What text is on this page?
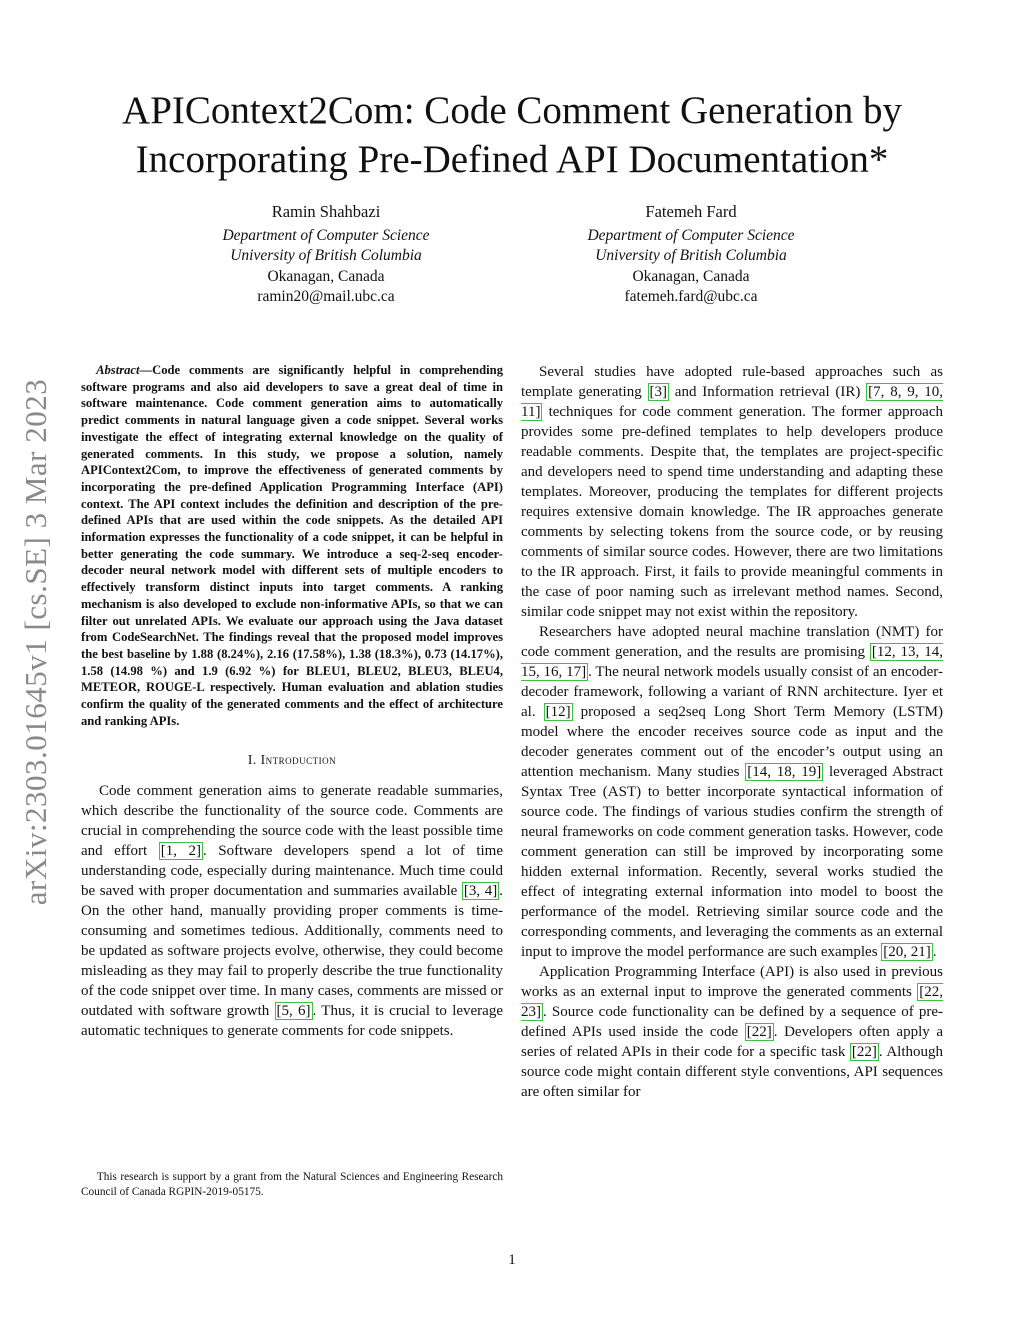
APIContext2Com: Code Comment Generation by
Incorporating Pre-Defined API Documentation*
Ramin Shahbazi
Department of Computer Science
University of British Columbia
Okanagan, Canada
ramin20@mail.ubc.ca
Fatemeh Fard
Department of Computer Science
University of British Columbia
Okanagan, Canada
fatemeh.fard@ubc.ca
arXiv:2303.01645v1 [cs.SE] 3 Mar 2023

Abstract—Code comments are significantly helpful in comprehending software programs and also aid developers to save a great deal of time in software maintenance. Code comment generation aims to automatically predict comments in natural language given a code snippet. Several works investigate the effect of integrating external knowledge on the quality of generated comments. In this study, we propose a solution, namely APIContext2Com, to improve the effectiveness of generated comments by incorporating the pre-defined Application Programming Interface (API) context. The API context includes the definition and description of the pre-defined APIs that are used within the code snippets. As the detailed API information expresses the functionality of a code snippet, it can be helpful in better generating the code summary. We introduce a seq-2-seq encoder-decoder neural network model with different sets of multiple encoders to effectively transform distinct inputs into target comments. A ranking mechanism is also developed to exclude non-informative APIs, so that we can filter out unrelated APIs. We evaluate our approach using the Java dataset from CodeSearchNet. The findings reveal that the proposed model improves the best baseline by 1.88 (8.24%), 2.16 (17.58%), 1.38 (18.3%), 0.73 (14.17%), 1.58 (14.98 %) and 1.9 (6.92 %) for BLEU1, BLEU2, BLEU3, BLEU4, METEOR, ROUGE-L respectively. Human evaluation and ablation studies confirm the quality of the generated comments and the effect of architecture and ranking APIs.

I. Introduction

Code comment generation aims to generate readable summaries, which describe the functionality of the source code. Comments are crucial in comprehending the source code with the least possible time and effort [1, 2] . Software developers spend a lot of time understanding code, especially during maintenance. Much time could be saved with proper documentation and summaries available [3, 4] . On the other hand, manually providing proper comments is time-consuming and sometimes tedious. Additionally, comments need to be updated as software projects evolve, otherwise, they could become misleading as they may fail to properly describe the true functionality of the code snippet over time. In many cases, comments are missed or outdated with software growth [5, 6] . Thus, it is crucial to leverage automatic techniques to generate comments for code snippets.

This research is support by a grant from the Natural Sciences and Engineering Research Council of Canada RGPIN-2019-05175.

Several studies have adopted rule-based approaches such as template generating [3] and Information retrieval (IR) [7, 8, 9, 10, 11] techniques for code comment generation. The former approach provides some pre-defined templates to help developers produce readable comments. Despite that, the templates are project-specific and developers need to spend time understanding and adapting these templates. Moreover, producing the templates for different projects requires extensive domain knowledge. The IR approaches generate comments by selecting tokens from the source code, or by reusing comments of similar source codes. However, there are two limitations to the IR approach. First, it fails to provide meaningful comments in the case of poor naming such as irrelevant method names. Second, similar code snippet may not exist within the repository.

Researchers have adopted neural machine translation (NMT) for code comment generation, and the results are promising [12, 13, 14, 15, 16, 17] . The neural network models usually consist of an encoder-decoder framework, following a variant of RNN architecture. Iyer et al. [12] proposed a seq2seq Long Short Term Memory (LSTM) model where the encoder receives source code as input and the decoder generates comment out of the encoder’s output using an attention mechanism. Many studies [14, 18, 19] leveraged Abstract Syntax Tree (AST) to better incorporate syntactical information of source code. The findings of various studies confirm the strength of neural frameworks on code comment generation tasks. However, code comment generation can still be improved by incorporating some hidden external information. Recently, several works studied the effect of integrating external information into model to boost the performance of the model. Retrieving similar source code and the corresponding comments, and leveraging the comments as an external input to improve the model performance are such examples [20, 21] .

Application Programming Interface (API) is also used in previous works as an external input to improve the generated comments [22, 23] . Source code functionality can be defined by a sequence of pre-defined APIs used inside the code [22] . Developers often apply a series of related APIs in their code for a specific task [22] . Although source code might contain different style conventions, API sequences are often similar for

1
